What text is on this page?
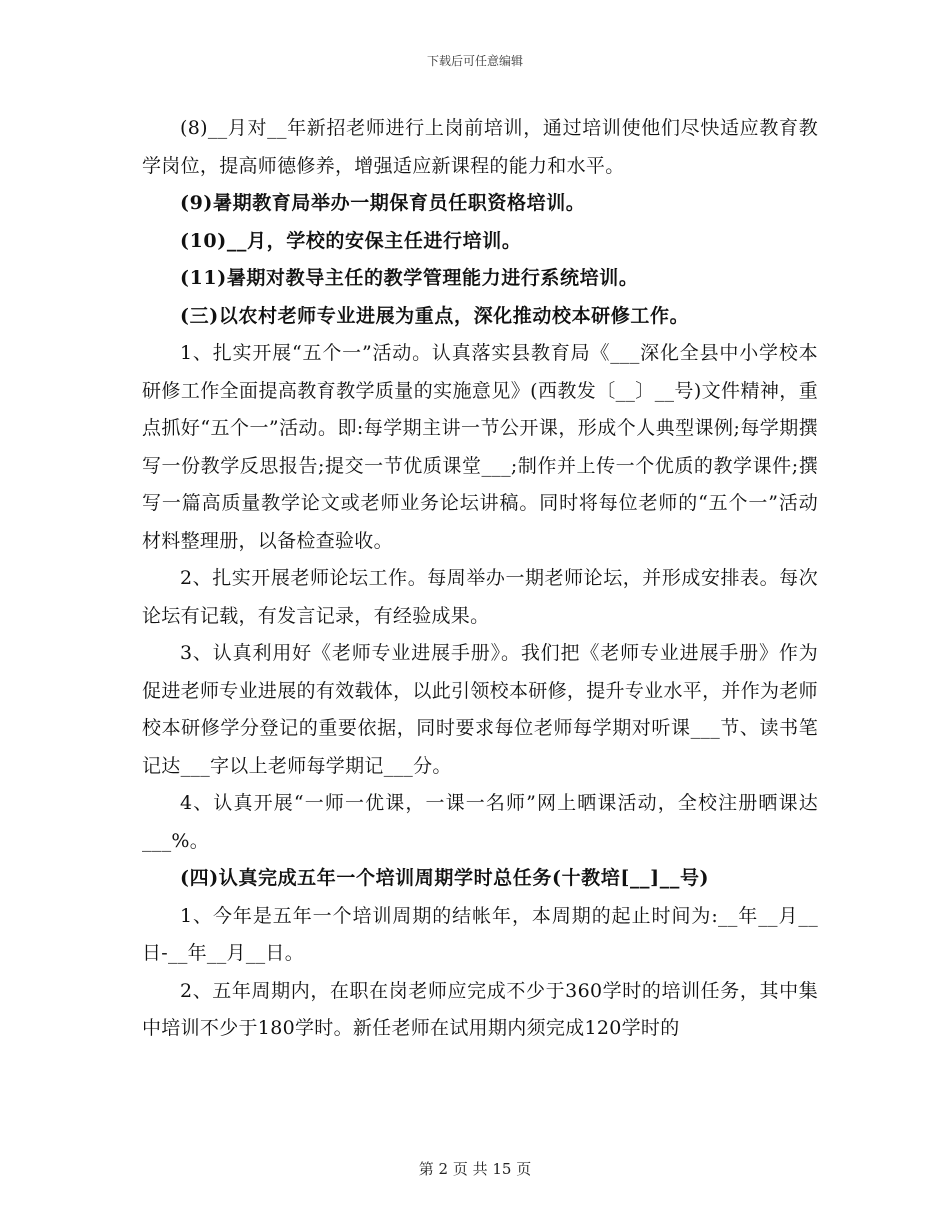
下载后可任意编辑

(8)__月对__年新招老师进行上岗前培训，通过培训使他们尽快适应教育教学岗位，提高师德修养，增强适应新课程的能力和水平。

(9)暑期教育局举办一期保育员任职资格培训。

(10)__月，学校的安保主任进行培训。

(11)暑期对教导主任的教学管理能力进行系统培训。

(三)以农村老师专业进展为重点，深化推动校本研修工作。

1、扎实开展“五个一”活动。认真落实县教育局《___深化全县中小学校本研修工作全面提高教育教学质量的实施意见》(西教发〔__〕__号)文件精神，重点抓好“五个一”活动。即:每学期主讲一节公开课，形成个人典型课例;每学期撰写一份教学反思报告;提交一节优质课堂___;制作并上传一个优质的教学课件;撰写一篇高质量教学论文或老师业务论坛讲稿。同时将每位老师的“五个一”活动材料整理册，以备检查验收。

2、扎实开展老师论坛工作。每周举办一期老师论坛，并形成安排表。每次论坛有记载，有发言记录，有经验成果。

3、认真利用好《老师专业进展手册》。我们把《老师专业进展手册》作为促进老师专业进展的有效载体，以此引领校本研修，提升专业水平，并作为老师校本研修学分登记的重要依据，同时要求每位老师每学期对听课___节、读书笔记达___字以上老师每学期记___分。

4、认真开展“一师一优课，一课一名师”网上晒课活动，全校注册晒课达___%。

(四)认真完成五年一个培训周期学时总任务(十教培[__]__号)

1、今年是五年一个培训周期的结帐年，本周期的起止时间为:__年__月__日-__年__月__日。

2、五年周期内，在职在岗老师应完成不少于360学时的培训任务，其中集中培训不少于180学时。新任老师在试用期内须完成120学时的

第 2 页 共 15 页
